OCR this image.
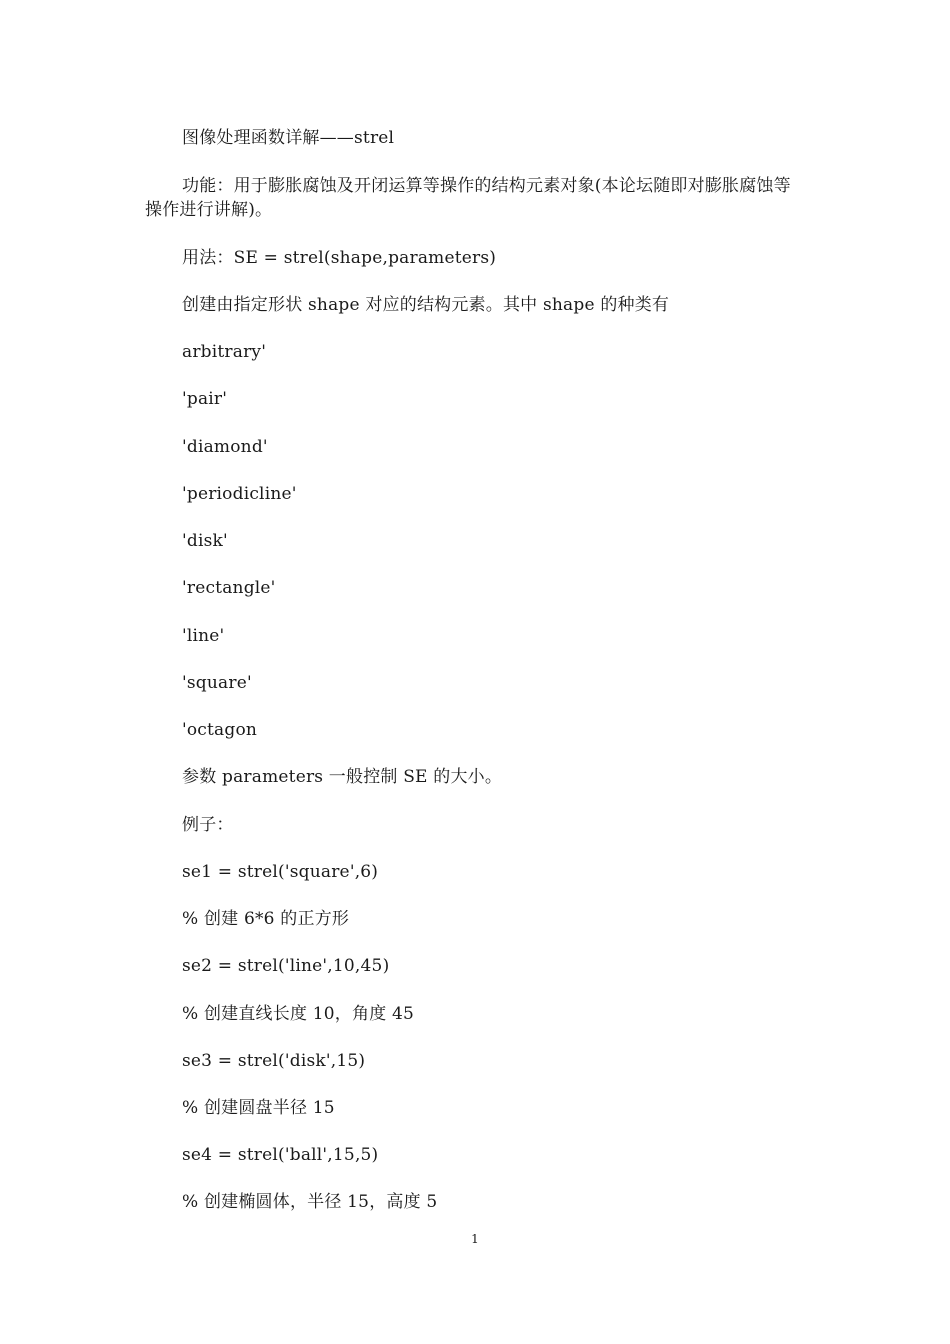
图像处理函数详解——strel
功能：用于膨胀腐蚀及开闭运算等操作的结构元素对象(本论坛随即对膨胀腐蚀等操作进行讲解)。
用法：SE = strel(shape,parameters)
创建由指定形状 shape 对应的结构元素。其中 shape 的种类有
arbitrary'
'pair'
'diamond'
'periodicline'
'disk'
'rectangle'
'line'
'square'
'octagon
参数 parameters 一般控制 SE 的大小。
例子：
se1 = strel('square',6)
% 创建 6*6 的正方形
se2 = strel('line',10,45)
% 创建直线长度 10，角度 45
se3 = strel('disk',15)
% 创建圆盘半径 15
se4 = strel('ball',15,5)
% 创建椭圆体，半径 15，高度 5
1
